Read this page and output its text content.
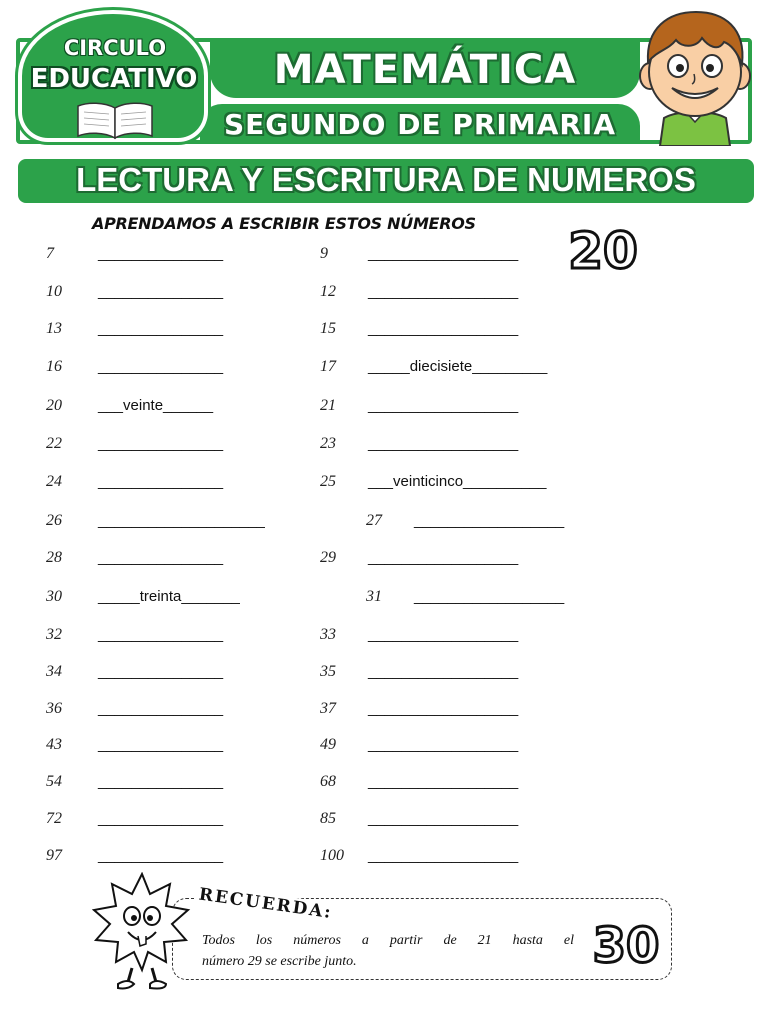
MATEMÁTICA
SEGUNDO DE PRIMARIA
CIRCULO
EDUCATIVO
LECTURA Y ESCRITURA DE NUMEROS
APRENDAMOS A ESCRIBIR ESTOS NÚMEROS 20
7	_______________	9	__________________
10 _______________	12 __________________
13 _______________	15 __________________
16 _______________	17 _____diecisiete_________
20 ___veinte______	21 __________________
22 _______________	23 __________________
24 _______________	25 ___veinticinco__________
26 ____________________	27 __________________
28 _______________	29 __________________
30 _____treinta_______	31 __________________
32 _______________	33 __________________
34 _______________	35 __________________
36 _______________	37 __________________
43 _______________	49 __________________
54 _______________	68 __________________
72 _______________	85 __________________
97 _______________	100 __________________
RECUERDA:
Todos los números a partir de 21 hasta el
número 29 se escribe junto.	30
